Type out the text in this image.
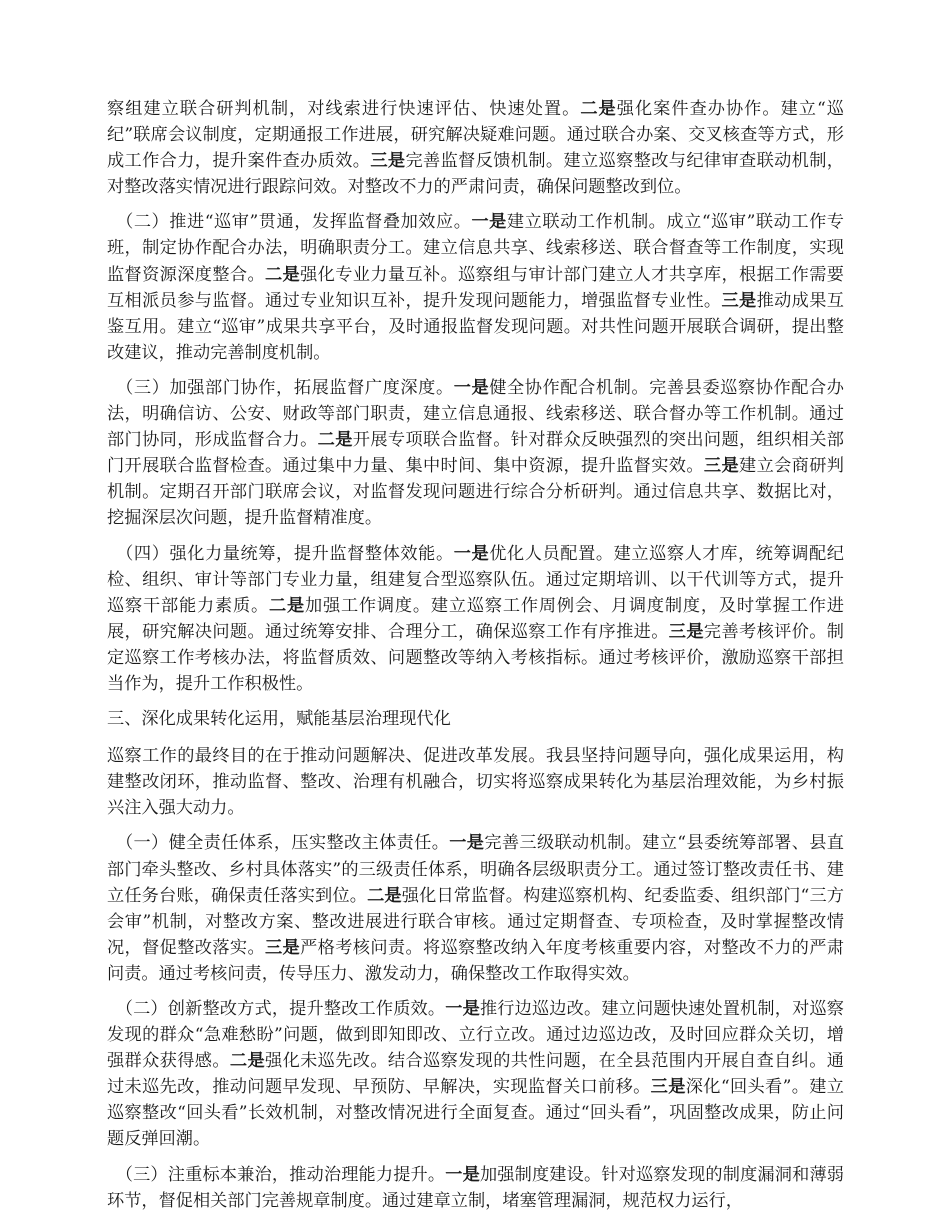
察组建立联合研判机制，对线索进行快速评估、快速处置。二是强化案件查办协作。建立“巡纪”联席会议制度，定期通报工作进展，研究解决疑难问题。通过联合办案、交叉核查等方式，形成工作合力，提升案件查办质效。三是完善监督反馈机制。建立巡察整改与纪律审查联动机制，对整改落实情况进行跟踪问效。对整改不力的严肃问责，确保问题整改到位。

　（二）推进“巡审”贯通，发挥监督叠加效应。一是建立联动工作机制。成立“巡审”联动工作专班，制定协作配合办法，明确职责分工。建立信息共享、线索移送、联合督查等工作制度，实现监督资源深度整合。二是强化专业力量互补。巡察组与审计部门建立人才共享库，根据工作需要互相派员参与监督。通过专业知识互补，提升发现问题能力，增强监督专业性。三是推动成果互鉴互用。建立“巡审”成果共享平台，及时通报监督发现问题。对共性问题开展联合调研，提出整改建议，推动完善制度机制。

　（三）加强部门协作，拓展监督广度深度。一是健全协作配合机制。完善县委巡察协作配合办法，明确信访、公安、财政等部门职责，建立信息通报、线索移送、联合督办等工作机制。通过部门协同，形成监督合力。二是开展专项联合监督。针对群众反映强烈的突出问题，组织相关部门开展联合监督检查。通过集中力量、集中时间、集中资源，提升监督实效。三是建立会商研判机制。定期召开部门联席会议，对监督发现问题进行综合分析研判。通过信息共享、数据比对，挖掘深层次问题，提升监督精准度。

　（四）强化力量统筹，提升监督整体效能。一是优化人员配置。建立巡察人才库，统筹调配纪检、组织、审计等部门专业力量，组建复合型巡察队伍。通过定期培训、以干代训等方式，提升巡察干部能力素质。二是加强工作调度。建立巡察工作周例会、月调度制度，及时掌握工作进展，研究解决问题。通过统筹安排、合理分工，确保巡察工作有序推进。三是完善考核评价。制定巡察工作考核办法，将监督质效、问题整改等纳入考核指标。通过考核评价，激励巡察干部担当作为，提升工作积极性。

三、深化成果转化运用，赋能基层治理现代化

巡察工作的最终目的在于推动问题解决、促进改革发展。我县坚持问题导向，强化成果运用，构建整改闭环，推动监督、整改、治理有机融合，切实将巡察成果转化为基层治理效能，为乡村振兴注入强大动力。

　（一）健全责任体系，压实整改主体责任。一是完善三级联动机制。建立“县委统筹部署、县直部门牵头整改、乡村具体落实”的三级责任体系，明确各层级职责分工。通过签订整改责任书、建立任务台账，确保责任落实到位。二是强化日常监督。构建巡察机构、纪委监委、组织部门“三方会审”机制，对整改方案、整改进展进行联合审核。通过定期督查、专项检查，及时掌握整改情况，督促整改落实。三是严格考核问责。将巡察整改纳入年度考核重要内容，对整改不力的严肃问责。通过考核问责，传导压力、激发动力，确保整改工作取得实效。

　（二）创新整改方式，提升整改工作质效。一是推行边巡边改。建立问题快速处置机制，对巡察发现的群众“急难愁盼”问题，做到即知即改、立行立改。通过边巡边改，及时回应群众关切，增强群众获得感。二是强化未巡先改。结合巡察发现的共性问题，在全县范围内开展自查自纠。通过未巡先改，推动问题早发现、早预防、早解决，实现监督关口前移。三是深化“回头看”。建立巡察整改“回头看”长效机制，对整改情况进行全面复查。通过“回头看”，巩固整改成果，防止问题反弹回潮。

　（三）注重标本兼治，推动治理能力提升。一是加强制度建设。针对巡察发现的制度漏洞和薄弱环节，督促相关部门完善规章制度。通过建章立制，堵塞管理漏洞，规范权力运行，
